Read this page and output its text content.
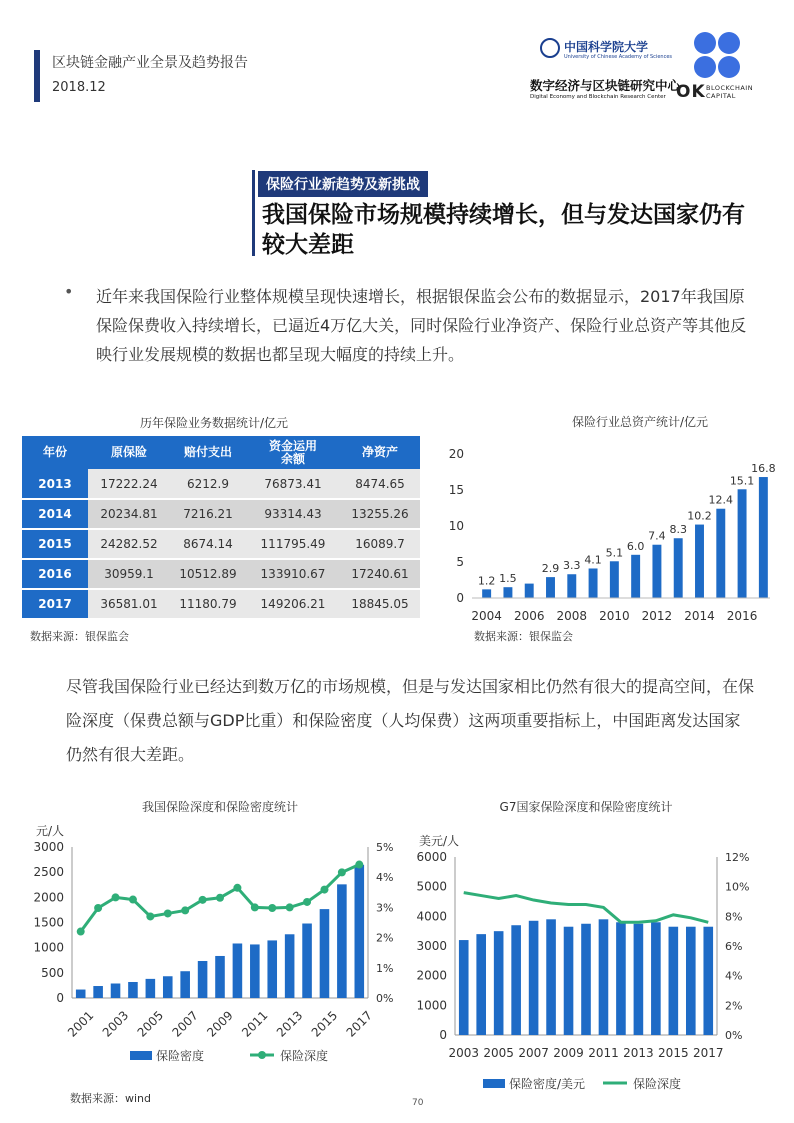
区块链金融产业全景及趋势报告
2018.12
中国科学院大学
University of Chinese Academy of Sciences
数字经济与区块链研究中心
Digital Economy and Blockchain Research Center OK BLOCKCHAIN
CAPITAL
保险行业新趋势及新挑战
我国保险市场规模持续增长，但与发达国家仍有较大差距
• 近年来我国保险行业整体规模呈现快速增长，根据银保监会公布的数据显示，2017年我国原保险保费收入持续增长，已逼近4万亿大关，同时保险行业净资产、保险行业总资产等其他反映行业发展规模的数据也都呈现大幅度的持续上升。
历年保险业务数据统计/亿元
年份	原保险	赔付支出	资金运用余额	净资产
2013	17222.24	6212.9	76873.41	8474.65
2014	20234.81	7216.21	93314.43	13255.26
2015	24282.52	8674.14	111795.49	16089.7
2016	30959.1	10512.89	133910.67	17240.61
2017	36581.01	11180.79	149206.21	18845.05
数据来源：银保监会
保险行业总资产统计/亿元
0
5
10
15
20
1.2 1.5
2.9 3.3 4.1
5.1 6.0
7.4 8.3
10.2
12.4
15.1
16.8
2004 2006 2008 2010 2012 2014 2016
数据来源：银保监会
尽管我国保险行业已经达到数万亿的市场规模，但是与发达国家相比仍然有很大的提高空间，在保险深度（保费总额与GDP比重）和保险密度（人均保费）这两项重要指标上，中国距离发达国家仍然有很大差距。
我国保险深度和保险密度统计
元/人
0
500
1000
1500
2000
2500
3000
0%
1%
2%
3%
4%
5%
2001 2003 2005 2007 2009 2011 2013 2015 2017
保险密度	保险深度
G7国家保险深度和保险密度统计
美元/人
0
1000
2000
3000
4000
5000
6000
0%
2%
4%
6%
8%
10%
12%
2003 2005 2007 2009 2011 2013 2015 2017
保险密度/美元	保险深度
数据来源：wind	70
